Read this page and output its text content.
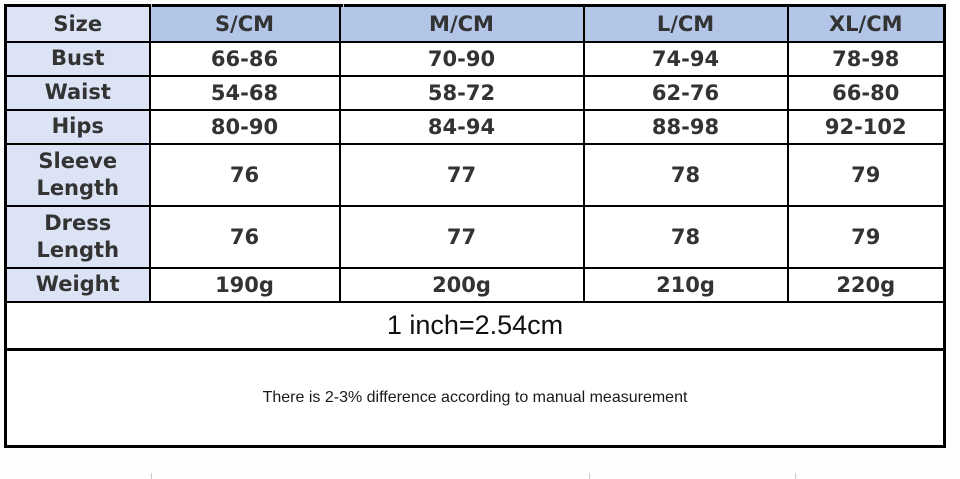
Size	S/CM	M/CM	L/CM	XL/CM
Bust	66-86	70-90	74-94	78-98
Waist	54-68	58-72	62-76	66-80
Hips	80-90	84-94	88-98	92-102
Sleeve Length	76	77	78	79
Dress Length	76	77	78	79
Weight	190g	200g	210g	220g
1 inch=2.54cm				
There is 2-3% difference according to manual measurement				
